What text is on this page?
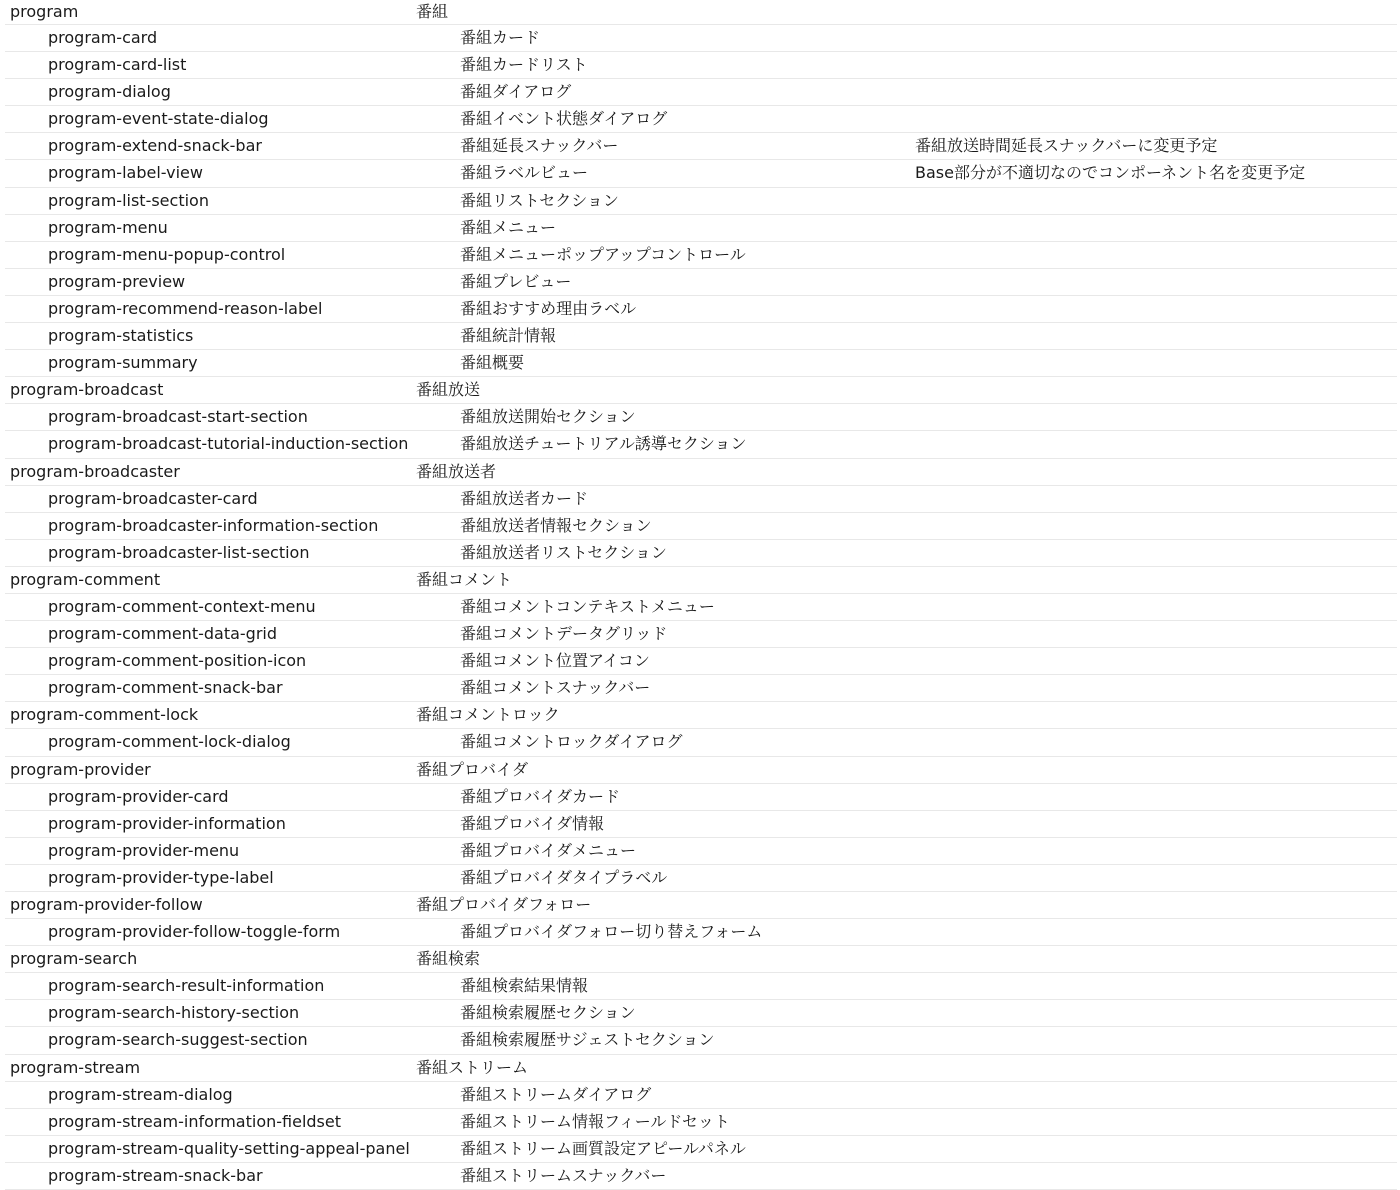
program	番組
program-card	番組カード
program-card-list	番組カードリスト
program-dialog	番組ダイアログ
program-event-state-dialog	番組イベント状態ダイアログ
program-extend-snack-bar	番組延長スナックバー	番組放送時間延長スナックバーに変更予定
program-label-view	番組ラベルビュー	Base部分が不適切なのでコンポーネント名を変更予定
program-list-section	番組リストセクション
program-menu	番組メニュー
program-menu-popup-control	番組メニューポップアップコントロール
program-preview	番組プレビュー
program-recommend-reason-label	番組おすすめ理由ラベル
program-statistics	番組統計情報
program-summary	番組概要
program-broadcast	番組放送
program-broadcast-start-section	番組放送開始セクション
program-broadcast-tutorial-induction-section	番組放送チュートリアル誘導セクション
program-broadcaster	番組放送者
program-broadcaster-card	番組放送者カード
program-broadcaster-information-section	番組放送者情報セクション
program-broadcaster-list-section	番組放送者リストセクション
program-comment	番組コメント
program-comment-context-menu	番組コメントコンテキストメニュー
program-comment-data-grid	番組コメントデータグリッド
program-comment-position-icon	番組コメント位置アイコン
program-comment-snack-bar	番組コメントスナックバー
program-comment-lock	番組コメントロック
program-comment-lock-dialog	番組コメントロックダイアログ
program-provider	番組プロバイダ
program-provider-card	番組プロバイダカード
program-provider-information	番組プロバイダ情報
program-provider-menu	番組プロバイダメニュー
program-provider-type-label	番組プロバイダタイプラベル
program-provider-follow	番組プロバイダフォロー
program-provider-follow-toggle-form	番組プロバイダフォロー切り替えフォーム
program-search	番組検索
program-search-result-information	番組検索結果情報
program-search-history-section	番組検索履歴セクション
program-search-suggest-section	番組検索履歴サジェストセクション
program-stream	番組ストリーム
program-stream-dialog	番組ストリームダイアログ
program-stream-information-fieldset	番組ストリーム情報フィールドセット
program-stream-quality-setting-appeal-panel	番組ストリーム画質設定アピールパネル
program-stream-snack-bar	番組ストリームスナックバー
